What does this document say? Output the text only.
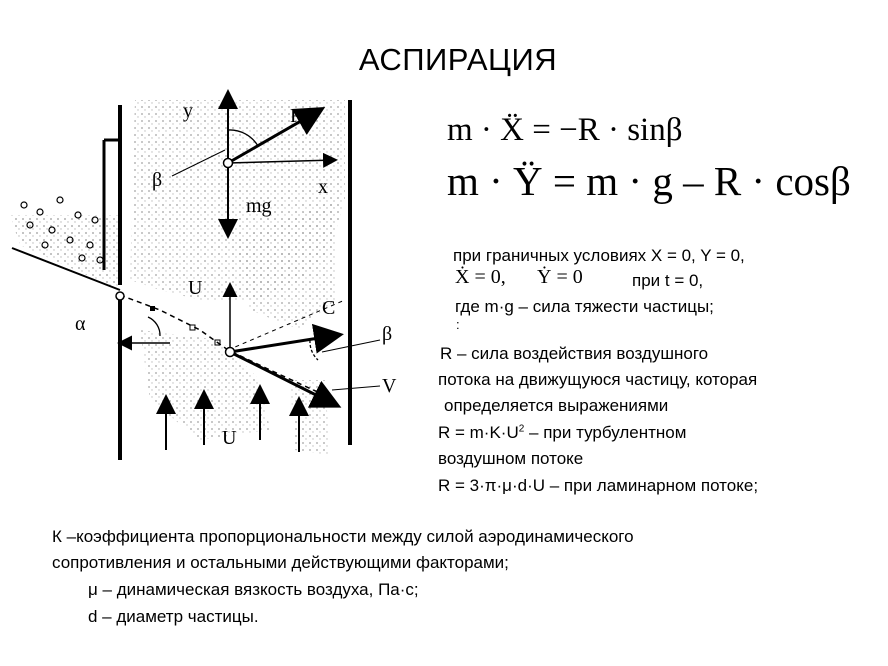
АСПИРАЦИЯ
y	R
x
β
mg
U
C
α	β
V
U
m · Ẍ = −R · sinβ
m · Ÿ = m · g – R · cosβ
при граничных условиях X = 0, Y = 0,
Ẋ = 0, Ẏ = 0	при t = 0,
где m·g – сила тяжести частицы;
:
R – сила воздействия воздушного
потока на движущуюся частицу, которая
определяется выражениями
$R = m\cdot K\cdot U^2$ – при турбулентном
воздушном потоке
R = 3·π·μ·d·U – при ламинарном потоке;
К –коэффициента пропорциональности между силой аэродинамического
сопротивления и остальными действующими факторами;
μ – динамическая вязкость воздуха, Па·с;
d – диаметр частицы.
